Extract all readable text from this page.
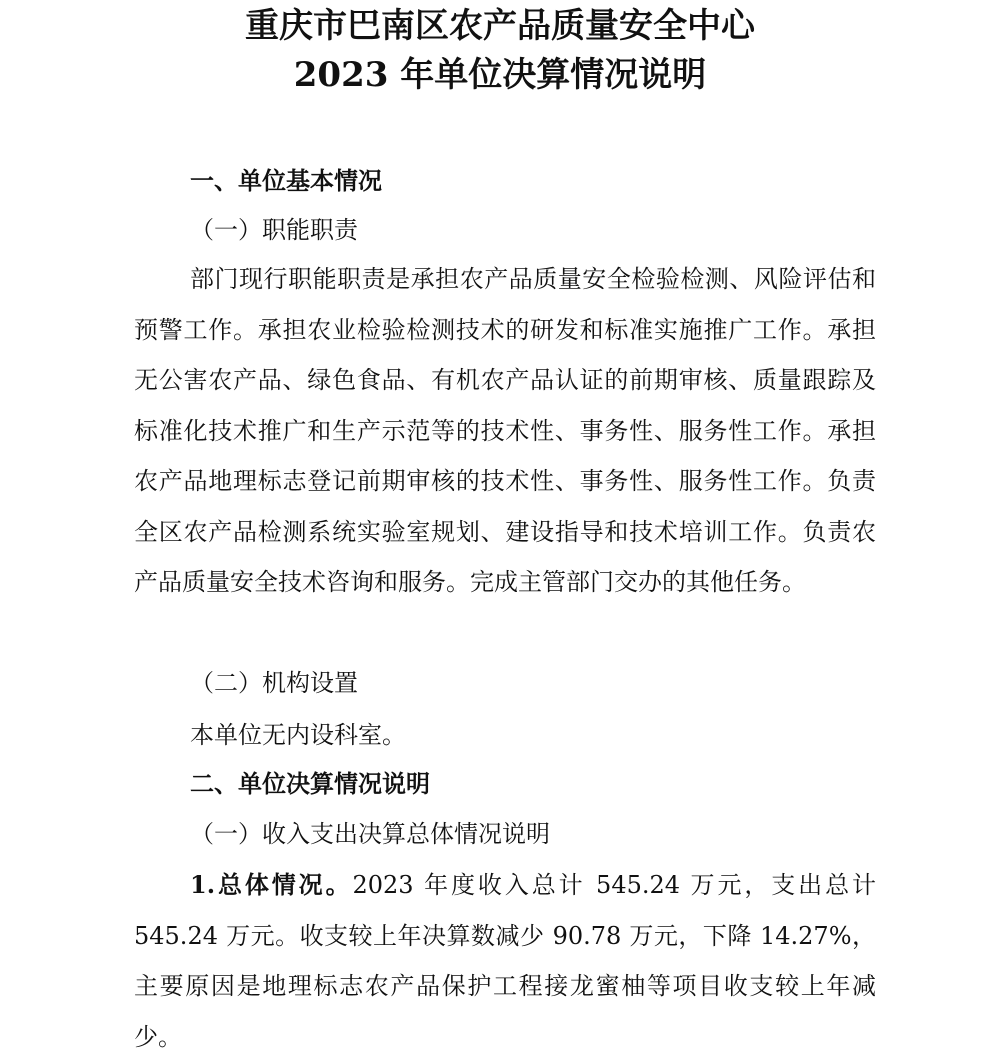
重庆市巴南区农产品质量安全中心
2023 年单位决算情况说明
一、单位基本情况
（一）职能职责
部门现行职能职责是承担农产品质量安全检验检测、风险评估和预警工作。承担农业检验检测技术的研发和标准实施推广工作。承担无公害农产品、绿色食品、有机农产品认证的前期审核、质量跟踪及标准化技术推广和生产示范等的技术性、事务性、服务性工作。承担农产品地理标志登记前期审核的技术性、事务性、服务性工作。负责全区农产品检测系统实验室规划、建设指导和技术培训工作。负责农产品质量安全技术咨询和服务。完成主管部门交办的其他任务。
（二）机构设置
本单位无内设科室。
二、单位决算情况说明
（一）收入支出决算总体情况说明
1.总体情况。2023 年度收入总计 545.24 万元，支出总计 545.24 万元。收支较上年决算数减少 90.78 万元，下降 14.27%，主要原因是地理标志农产品保护工程接龙蜜柚等项目收支较上年减少。
